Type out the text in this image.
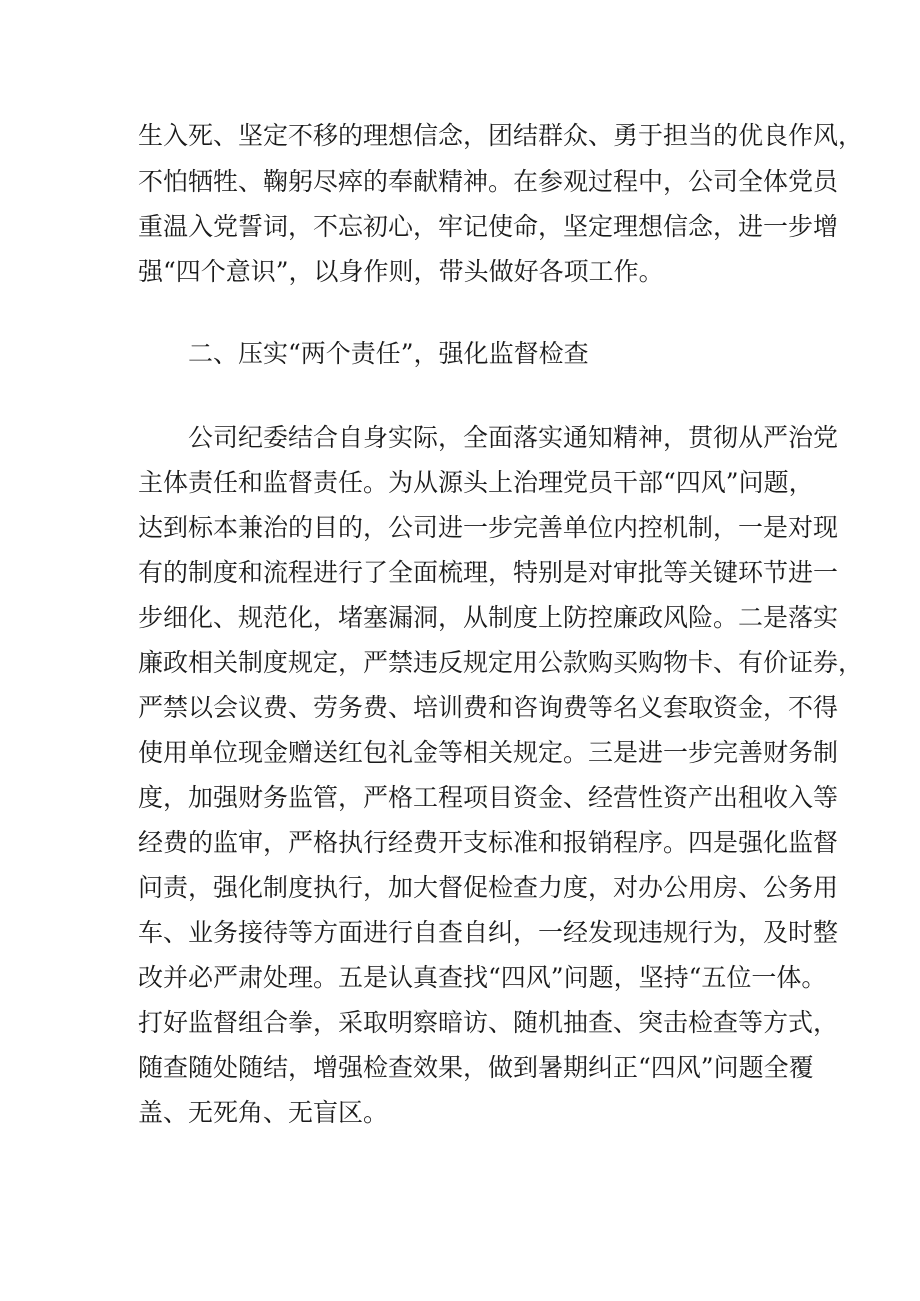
生入死、坚定不移的理想信念，团结群众、勇于担当的优良作风，
不怕牺牲、鞠躬尽瘁的奉献精神。在参观过程中，公司全体党员
重温入党誓词，不忘初心，牢记使命，坚定理想信念，进一步增
强“四个意识”，以身作则，带头做好各项工作。
二、压实“两个责任”，强化监督检查
公司纪委结合自身实际，全面落实通知精神，贯彻从严治党
主体责任和监督责任。为从源头上治理党员干部“四风”问题，
达到标本兼治的目的，公司进一步完善单位内控机制，一是对现
有的制度和流程进行了全面梳理，特别是对审批等关键环节进一
步细化、规范化，堵塞漏洞，从制度上防控廉政风险。二是落实
廉政相关制度规定，严禁违反规定用公款购买购物卡、有价证券，
严禁以会议费、劳务费、培训费和咨询费等名义套取资金，不得
使用单位现金赠送红包礼金等相关规定。三是进一步完善财务制
度，加强财务监管，严格工程项目资金、经营性资产出租收入等
经费的监审，严格执行经费开支标准和报销程序。四是强化监督
问责，强化制度执行，加大督促检查力度，对办公用房、公务用
车、业务接待等方面进行自查自纠，一经发现违规行为，及时整
改并必严肃处理。五是认真查找“四风”问题，坚持“五位一体。
打好监督组合拳，采取明察暗访、随机抽查、突击检查等方式，
随查随处随结，增强检查效果，做到暑期纠正“四风”问题全覆
盖、无死角、无盲区。
